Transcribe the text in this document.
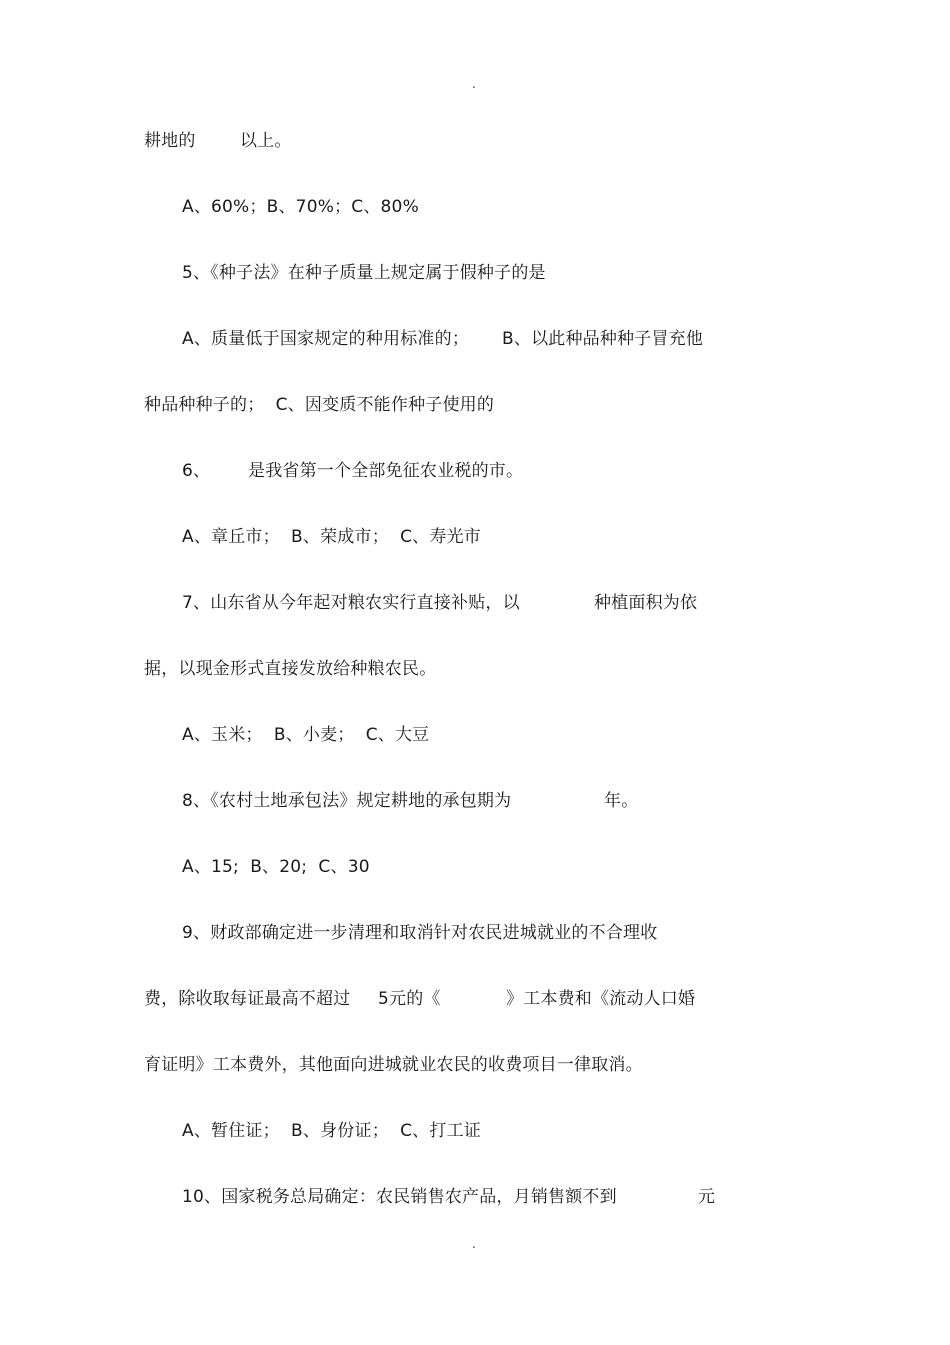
.

耕地的

	以上。

A、60%；B、70%；C、80%
5、《种子法》在种子质量上规定属于假种子的是

A、质量低于国家规定的种用标准的；

B、以此种品种种子冒充他

种品种种子的；  C、因变质不能作种子使用的

6、

是我省第一个全部免征农业税的市。

A、章丘市；  B、荣成市；  C、寿光市

7、山东省从今年起对粮农实行直接补贴，以

	种植面积为依

据，以现金形式直接发放给种粮农民。
A、玉米；  B、小麦；  C、大豆

8、《农村土地承包法》规定耕地的承包期为

	年。

A、15;  B、20;  C、30
9、财政部确定进一步清理和取消针对农民进城就业的不合理收

费，除收取每证最高不超过

5元的《

	》工本费和《流动人口婚

育证明》工本费外，其他面向进城就业农民的收费项目一律取消。
A、暂住证；  B、身份证；  C、打工证

10、国家税务总局确定：农民销售农产品，月销售额不到

	元

.
